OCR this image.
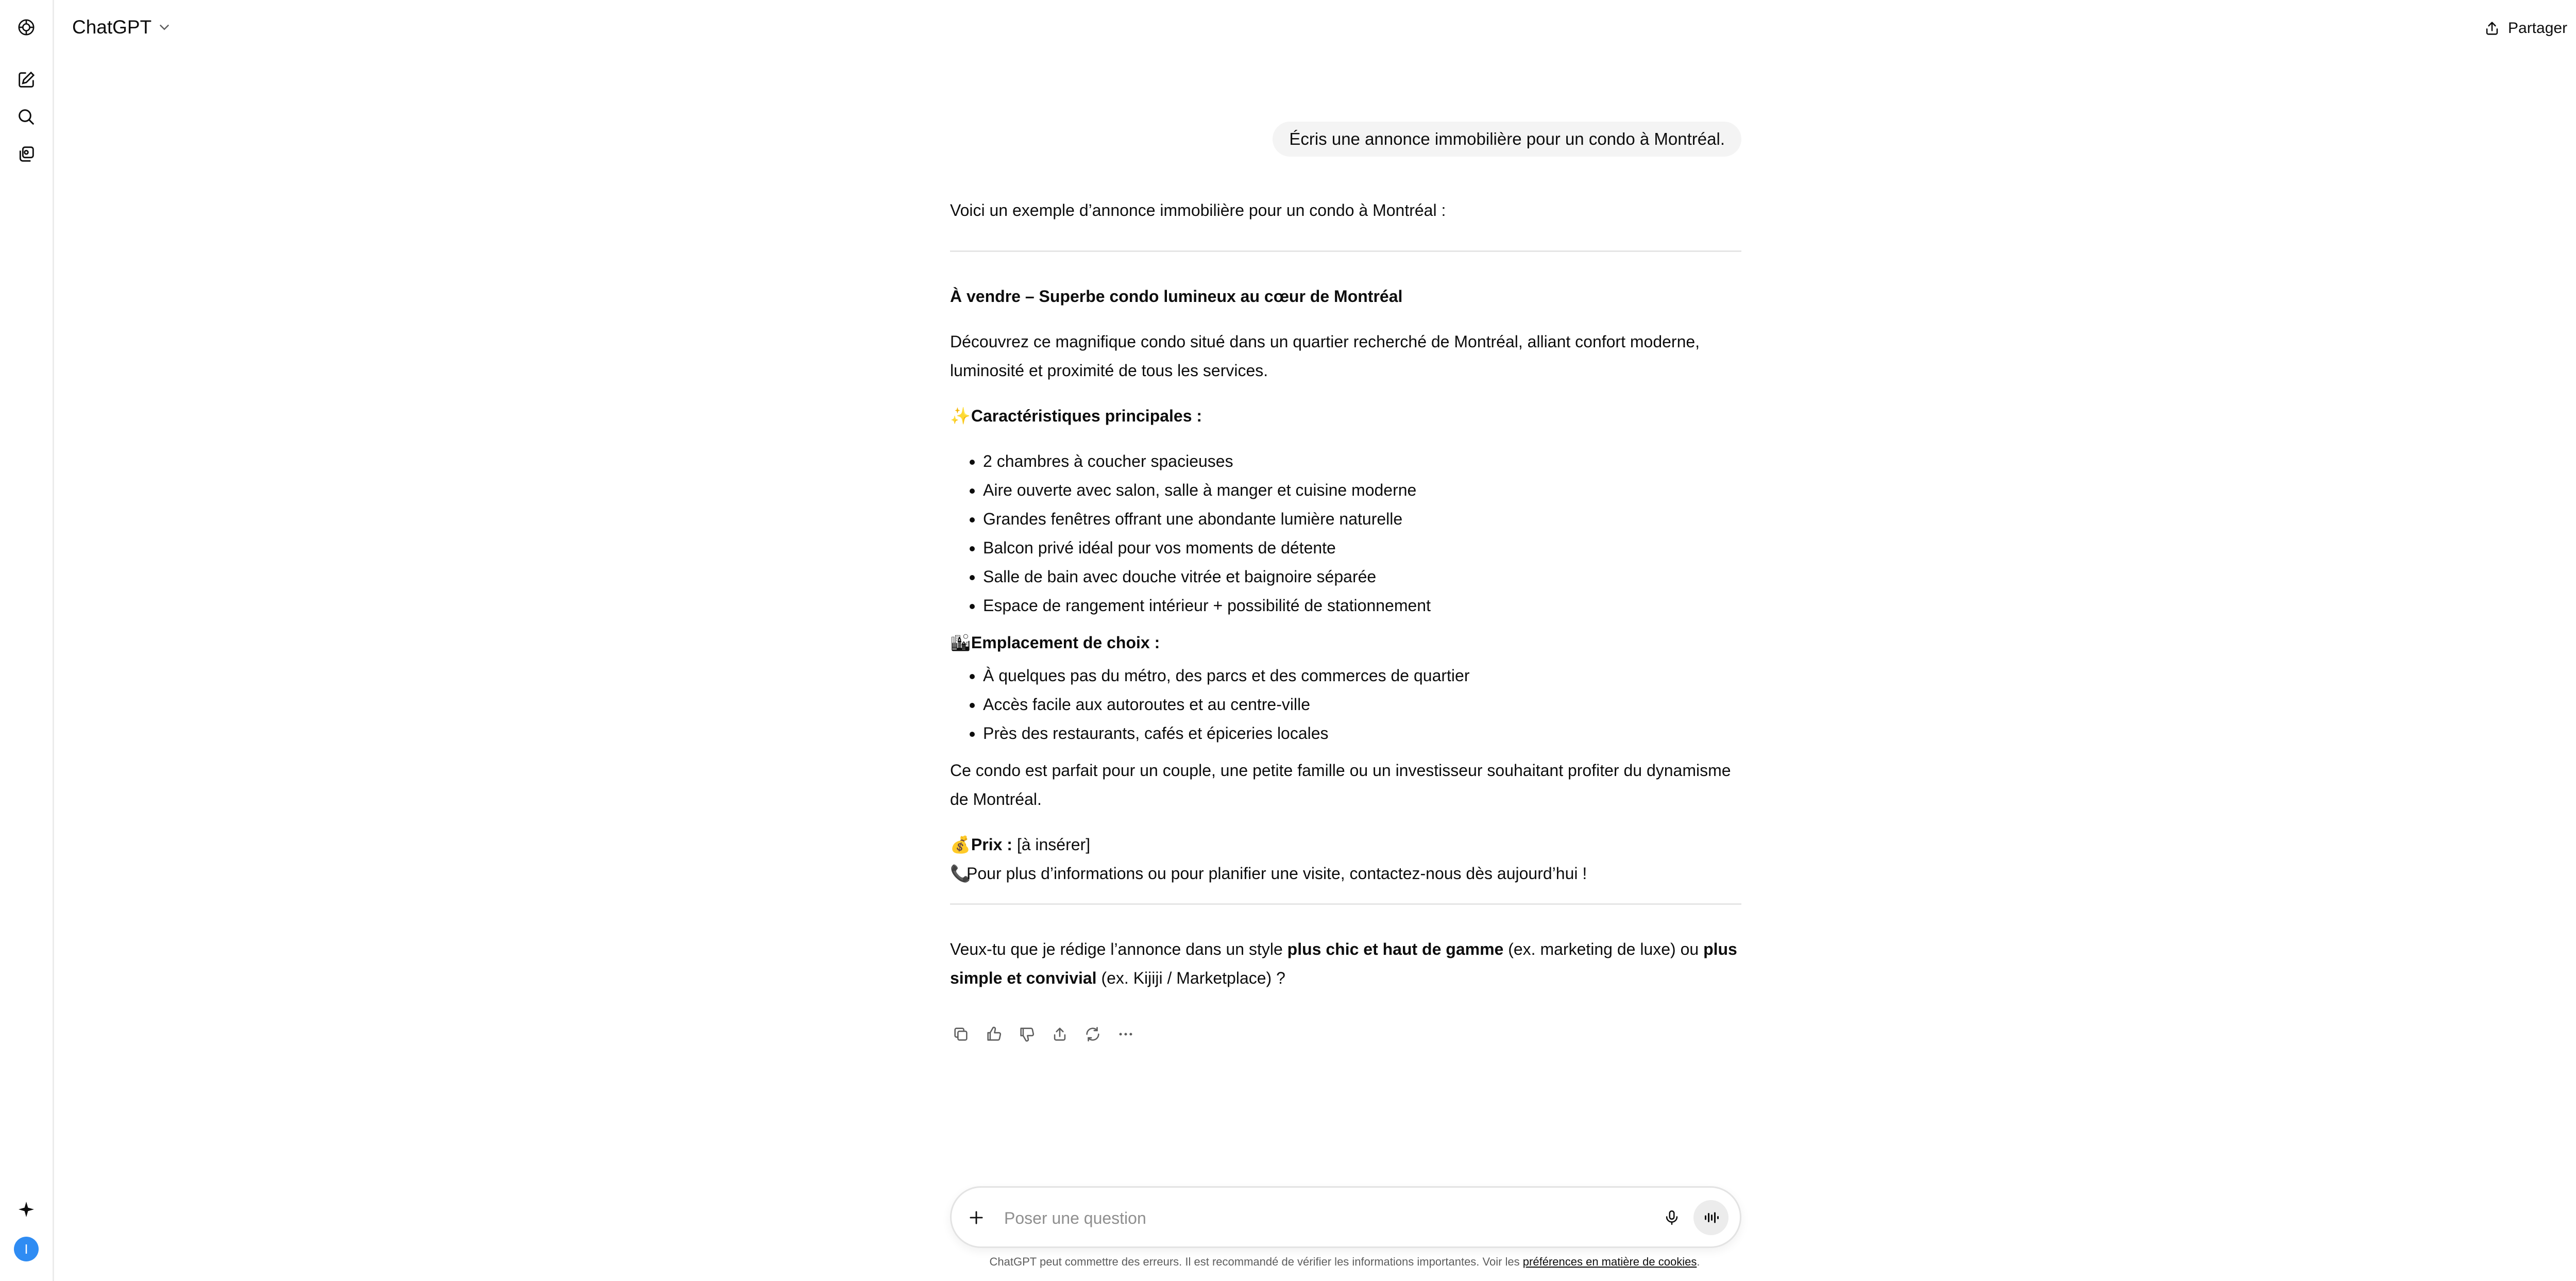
I
ChatGPT	Partager
Écris une annonce immobilière pour un condo à Montréal.

Voici un exemple d’annonce immobilière pour un condo à Montréal :

À vendre – Superbe condo lumineux au cœur de Montréal

Découvrez ce magnifique condo situé dans un quartier recherché de Montréal, alliant confort moderne, luminosité et proximité de tous les services.

✨ Caractéristiques principales :

• 2 chambres à coucher spacieuses
• Aire ouverte avec salon, salle à manger et cuisine moderne
• Grandes fenêtres offrant une abondante lumière naturelle
• Balcon privé idéal pour vos moments de détente
• Salle de bain avec douche vitrée et baignoire séparée
• Espace de rangement intérieur + possibilité de stationnement

🏙 Emplacement de choix :

• À quelques pas du métro, des parcs et des commerces de quartier
• Accès facile aux autoroutes et au centre-ville
• Près des restaurants, cafés et épiceries locales

Ce condo est parfait pour un couple, une petite famille ou un investisseur souhaitant profiter du dynamisme de Montréal.

💰 Prix : [à insérer]

📞Pour plus d’informations ou pour planifier une visite, contactez-nous dès aujourd’hui !

Veux-tu que je rédige l’annonce dans un style plus chic et haut de gamme (ex. marketing de luxe) ou plus simple et convivial (ex. Kijiji / Marketplace) ?

Poser une question
ChatGPT peut commettre des erreurs. Il est recommandé de vérifier les informations importantes. Voir les préférences en matière de cookies.
